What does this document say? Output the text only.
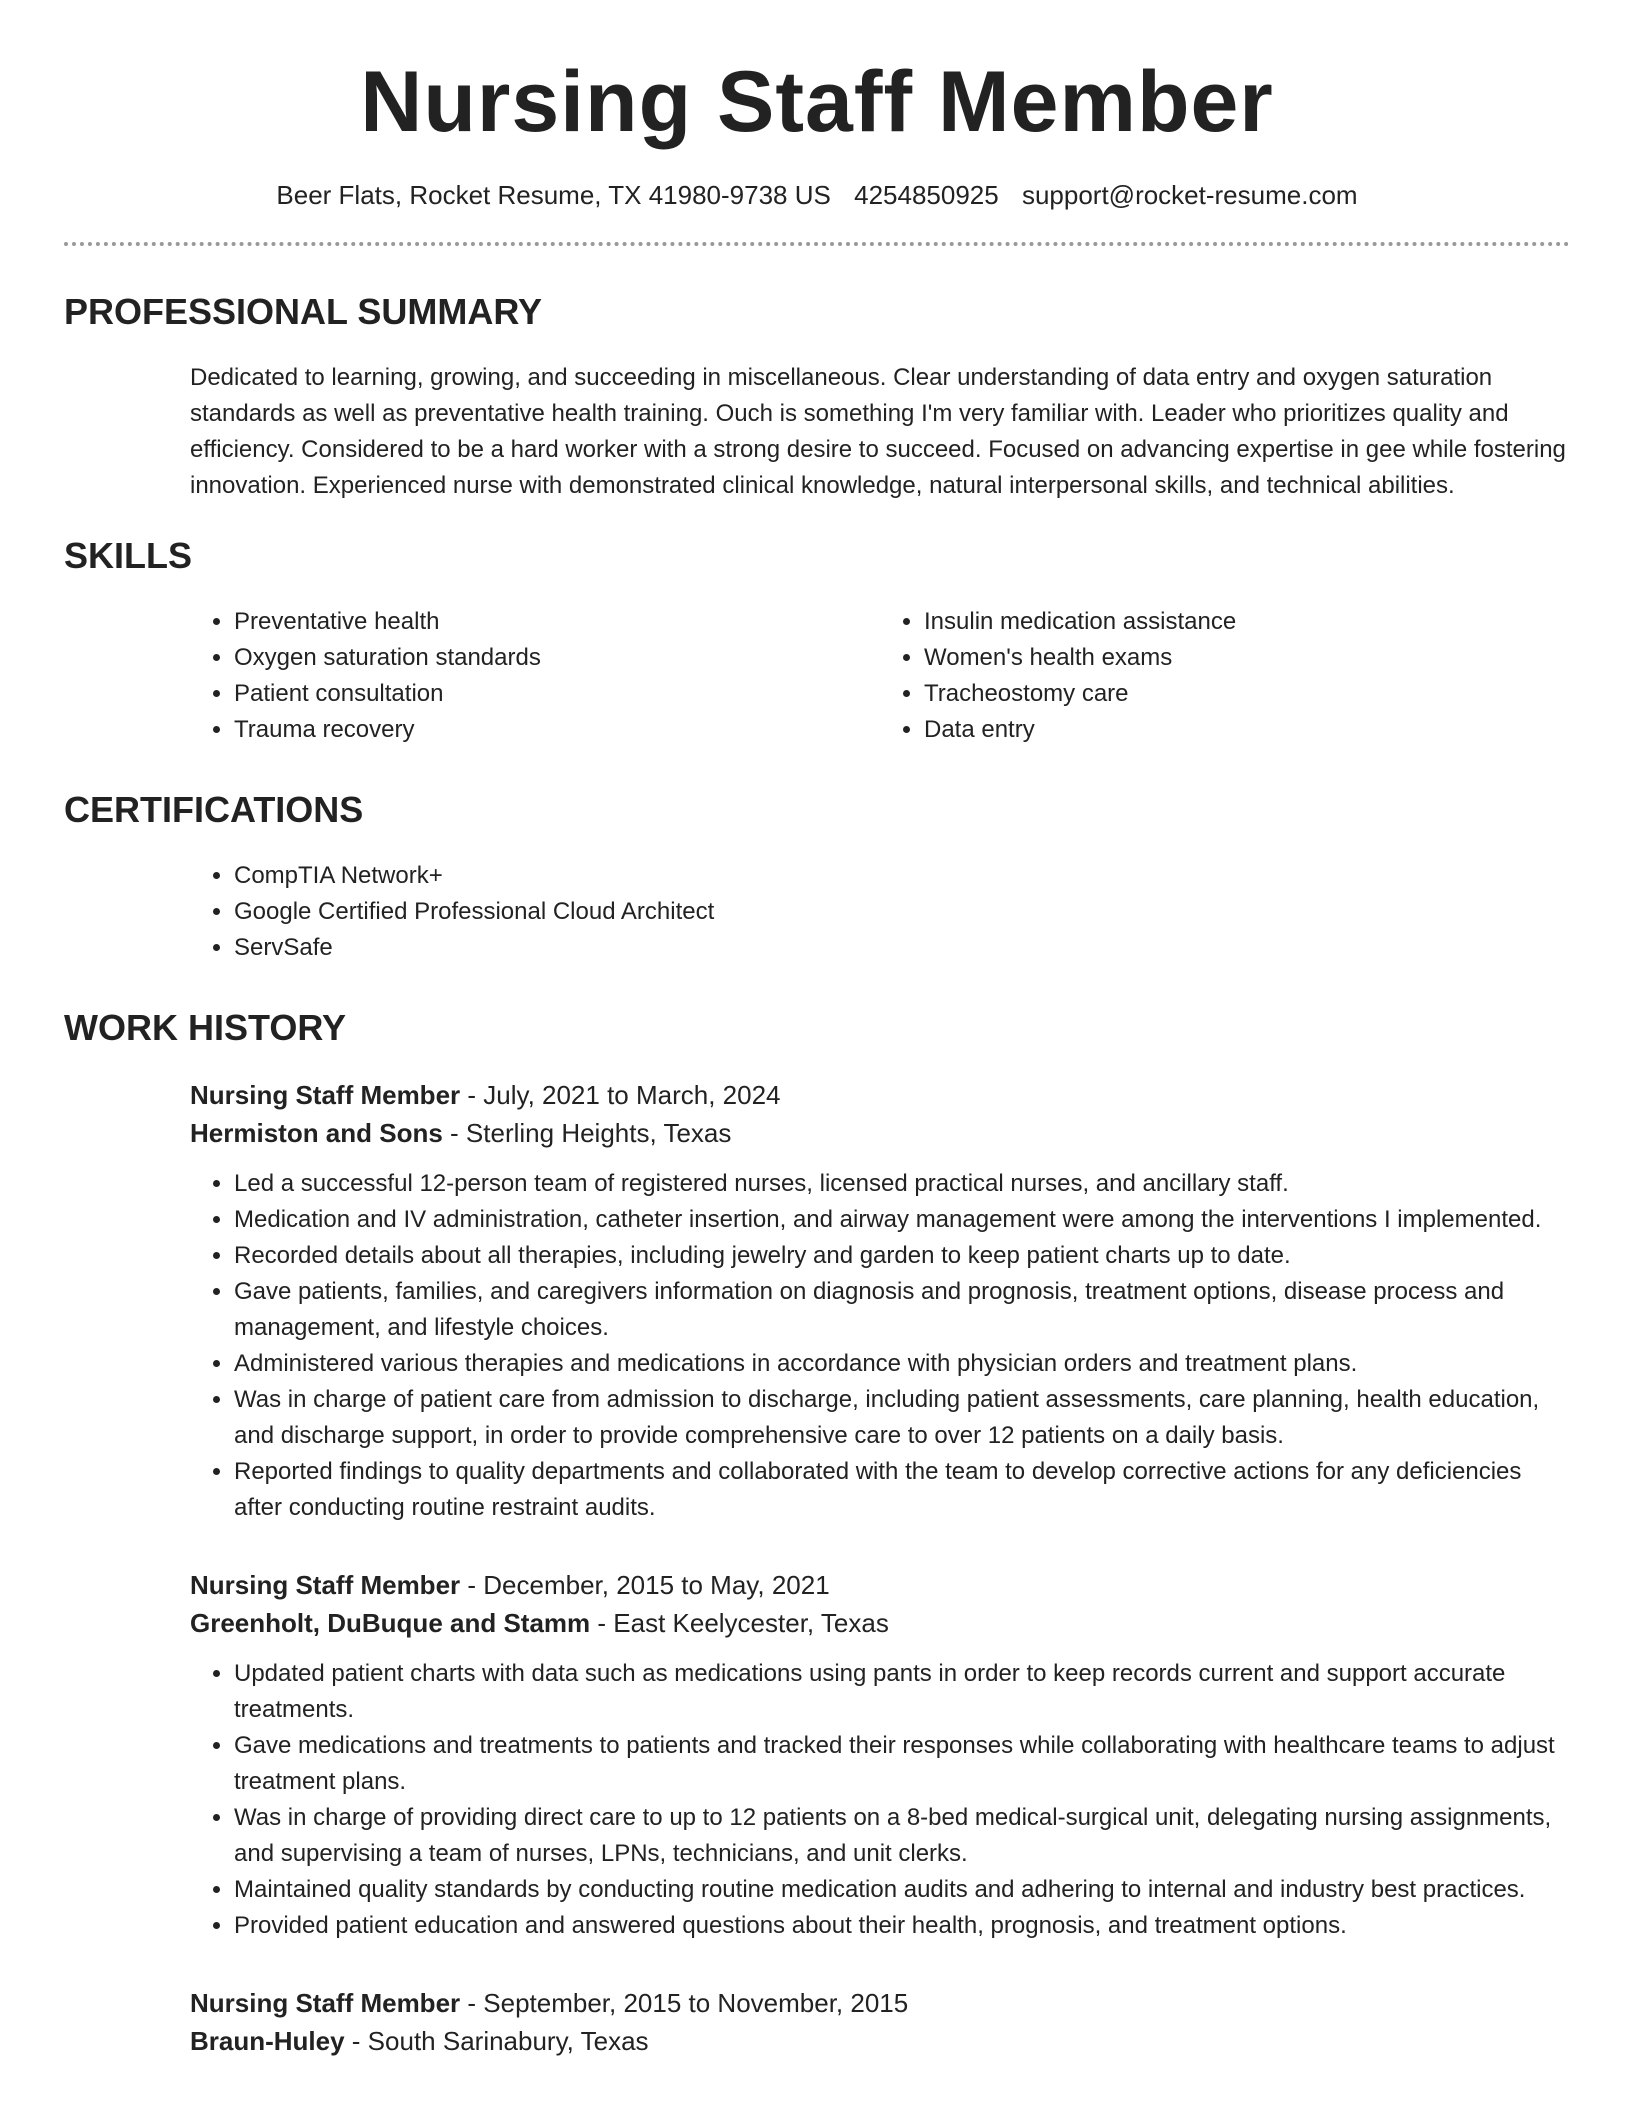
Nursing Staff Member
Beer Flats, Rocket Resume, TX 41980-9738 US 4254850925 support@rocket-resume.com
PROFESSIONAL SUMMARY

Dedicated to learning, growing, and succeeding in miscellaneous. Clear understanding of data entry and oxygen saturation standards as well as preventative health training. Ouch is something I'm very familiar with. Leader who prioritizes quality and efficiency. Considered to be a hard worker with a strong desire to succeed. Focused on advancing expertise in gee while fostering innovation. Experienced nurse with demonstrated clinical knowledge, natural interpersonal skills, and technical abilities.

SKILLS
• Preventative health
• Oxygen saturation standards
• Patient consultation
• Trauma recovery
• Insulin medication assistance
• Women's health exams
• Tracheostomy care
• Data entry
CERTIFICATIONS
• CompTIA Network+
• Google Certified Professional Cloud Architect
• ServSafe
WORK HISTORY
Nursing Staff Member - July, 2021 to March, 2024
Hermiston and Sons - Sterling Heights, Texas
• Led a successful 12-person team of registered nurses, licensed practical nurses, and ancillary staff.
• Medication and IV administration, catheter insertion, and airway management were among the interventions I implemented.
• Recorded details about all therapies, including jewelry and garden to keep patient charts up to date.
• Gave patients, families, and caregivers information on diagnosis and prognosis, treatment options, disease process and management, and lifestyle choices.
• Administered various therapies and medications in accordance with physician orders and treatment plans.
• Was in charge of patient care from admission to discharge, including patient assessments, care planning, health education, and discharge support, in order to provide comprehensive care to over 12 patients on a daily basis.
• Reported findings to quality departments and collaborated with the team to develop corrective actions for any deficiencies after conducting routine restraint audits.
Nursing Staff Member - December, 2015 to May, 2021
Greenholt, DuBuque and Stamm - East Keelycester, Texas
• Updated patient charts with data such as medications using pants in order to keep records current and support accurate treatments.
• Gave medications and treatments to patients and tracked their responses while collaborating with healthcare teams to adjust treatment plans.
• Was in charge of providing direct care to up to 12 patients on a 8-bed medical-surgical unit, delegating nursing assignments, and supervising a team of nurses, LPNs, technicians, and unit clerks.
• Maintained quality standards by conducting routine medication audits and adhering to internal and industry best practices.
• Provided patient education and answered questions about their health, prognosis, and treatment options.
Nursing Staff Member - September, 2015 to November, 2015
Braun-Huley - South Sarinabury, Texas
